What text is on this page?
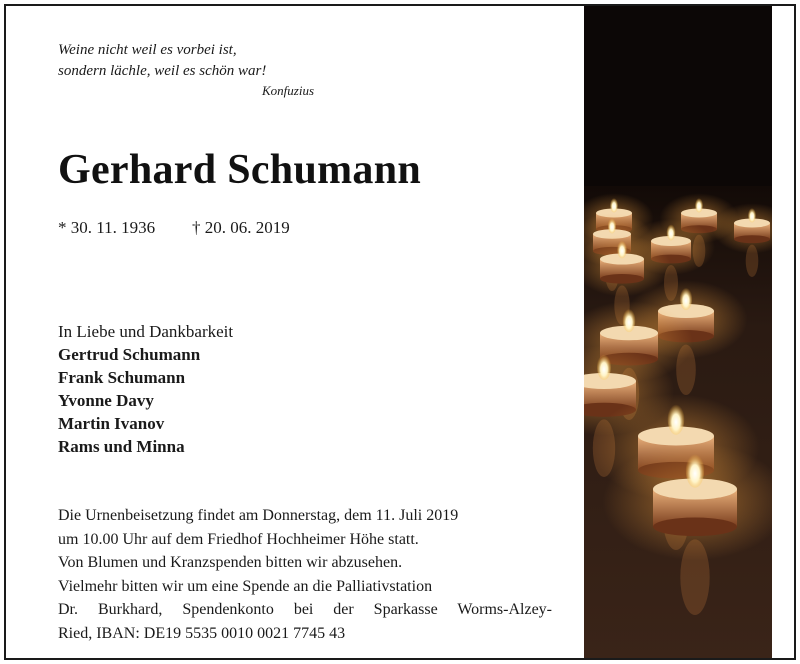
Weine nicht weil es vorbei ist,
sondern lächle, weil es schön war!
Konfuzius
Gerhard Schumann
* 30. 11. 1936	† 20. 06. 2019
In Liebe und Dankbarkeit
Gertrud Schumann
Frank Schumann
Yvonne Davy
Martin Ivanov
Rams und Minna
Die Urnenbeisetzung findet am Donnerstag, dem 11. Juli 2019
um 10.00 Uhr auf dem Friedhof Hochheimer Höhe statt.
Von Blumen und Kranzspenden bitten wir abzusehen.
Vielmehr bitten wir um eine Spende an die Palliativstation
Dr. Burkhard, Spendenkonto bei der Sparkasse Worms-Alzey-
Ried, IBAN: DE19 5535 0010 0021 7745 43
